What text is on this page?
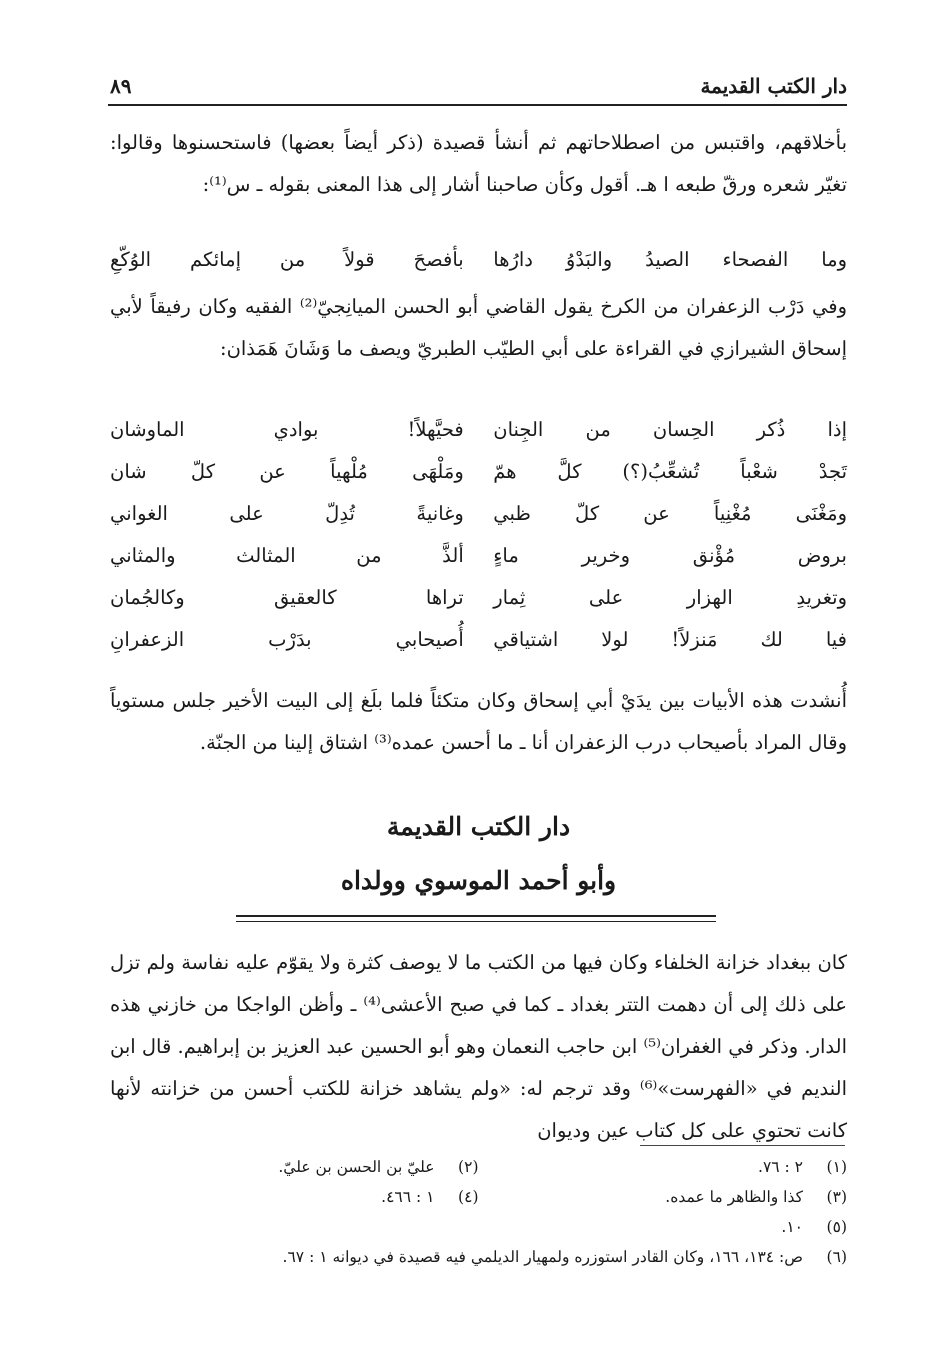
دار الكتب القديمة
٨٩

بأخلاقهم، واقتبس من اصطلاحاتهم ثم أنشأ قصيدة (ذكر أيضاً بعضها) فاستحسنوها وقالوا: تغيّر شعره ورقّ طبعه ا هـ. أقول وكأن صاحبنا أشار إلى هذا المعنى بقوله ـ س⁽¹⁾:

وما الفصحاء الصيدُ والبَدْوُ دارُها
بأفصحَ قولاً من إمائكم الوُكّعِ

وفي دَرْب الزعفران من الكرخ يقول القاضي أبو الحسن الميانِجيّ⁽²⁾ الفقيه وكان رفيقاً لأبي إسحاق الشيرازي في القراءة على أبي الطيّب الطبريّ ويصف ما وَشَانَ هَمَذان:

إذا ذُكر الحِسان من الجِنان
فحيَّهلاً! بوادي الماوشان
تَجدْ شعْباً تُشعِّبُ(؟) كلَّ همّ
ومَلْهَى مُلْهياً عن كلّ شان
ومَغْنَى مُغْنِياً عن كلّ ظبي
وغانيةً تُدِلّ على الغواني
بروض مُؤْنق وخرير ماءٍ
ألذَّ من المثالث والمثاني
وتغريدِ الهزار على ثِمار
تراها كالعقيق وكالجُمان
فيا لك مَنزلاً! لولا اشتياقي
أُصيحابي بدَرْب الزعفرانِ

أُنشدت هذه الأبيات بين يدَيْ أبي إسحاق وكان متكئاً فلما بلَغ إلى البيت الأخير جلس مستوياً وقال المراد بأصيحاب درب الزعفران أنا ـ ما أحسن عمده⁽³⁾ اشتاق إلينا من الجنّة.

دار الكتب القديمة
وأبو أحمد الموسوي وولداه

كان ببغداد خزانة الخلفاء وكان فيها من الكتب ما لا يوصف كثرة ولا يقوّم عليه نفاسة ولم تزل على ذلك إلى أن دهمت التتر بغداد ـ كما في صبح الأعشى⁽⁴⁾ ـ وأظن الواجكا من خازني هذه الدار. وذكر في الغفران⁽⁵⁾ ابن حاجب النعمان وهو أبو الحسين عبد العزيز بن إبراهيم. قال ابن النديم في «الفهرست»⁽⁶⁾ وقد ترجم له: «ولم يشاهد خزانة للكتب أحسن من خزانته لأنها كانت تحتوي على كل كتاب عين وديوان

(١)٢ : ٧٦.
(٢)عليّ بن الحسن بن عليّ.
(٣)كذا والظاهر ما عمده.
(٤)١ : ٤٦٦.
(٥)١٠.
(٦)ص: ١٣٤، ١٦٦، وكان القادر استوزره ولمهيار الديلمي فيه قصيدة في ديوانه ١ : ٦٧.
